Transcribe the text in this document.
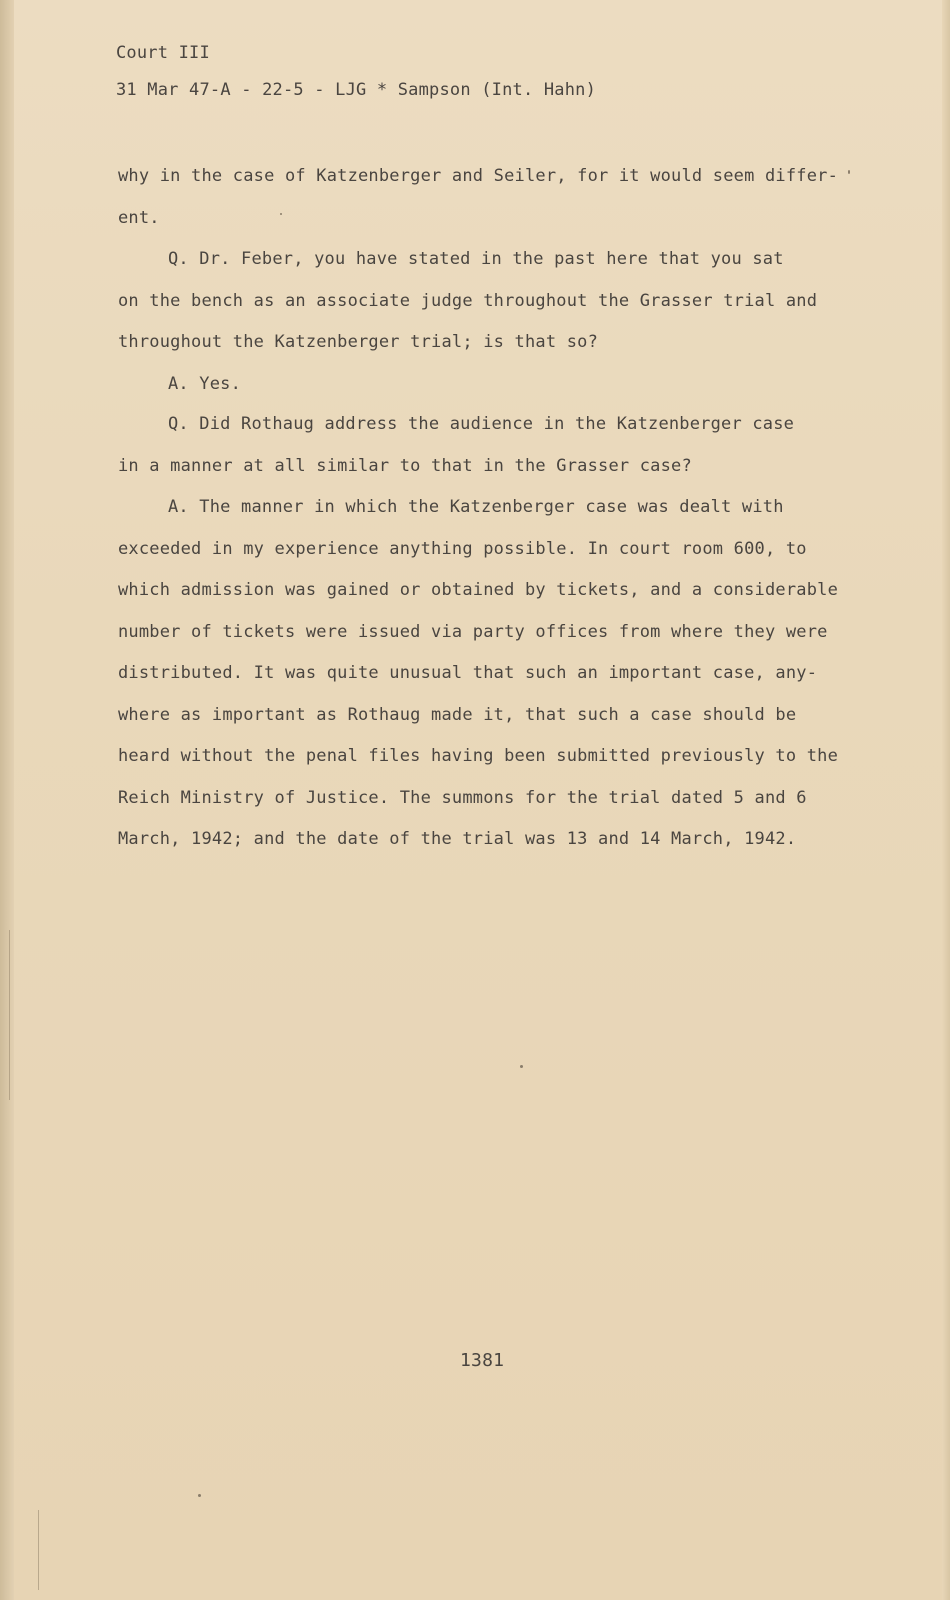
Court III
31 Mar 47-A - 22-5 - LJG * Sampson (Int. Hahn)
why in the case of Katzenberger and Seiler, for it would seem differ-
ent.
Q. Dr. Feber, you have stated in the past here that you sat
on the bench as an associate judge throughout the Grasser trial and
throughout the Katzenberger trial; is that so?
A. Yes.
Q. Did Rothaug address the audience in the Katzenberger case
in a manner at all similar to that in the Grasser case?
A. The manner in which the Katzenberger case was dealt with
exceeded in my experience anything possible. In court room 600, to
which admission was gained or obtained by tickets, and a considerable
number of tickets were issued via party offices from where they were
distributed. It was quite unusual that such an important case, any-
where as important as Rothaug made it, that such a case should be
heard without the penal files having been submitted previously to the
Reich Ministry of Justice. The summons for the trial dated 5 and 6
March, 1942; and the date of the trial was 13 and 14 March, 1942.
1381
